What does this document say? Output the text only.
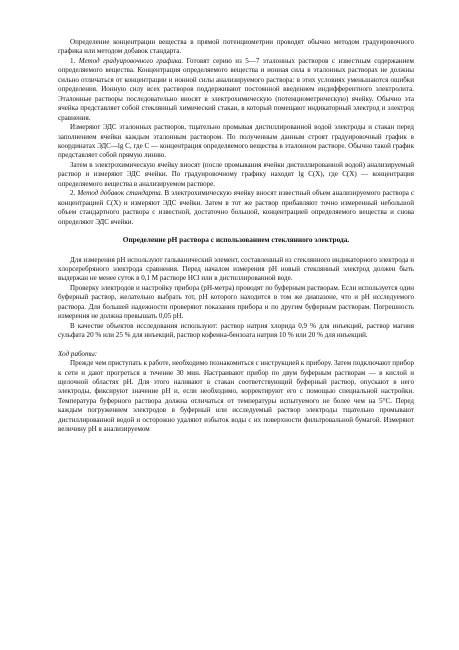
Определение концентрации вещества в прямой потенциометрии проводят обычно методом градуировочного графика или методом добавок стандарта.

1. Метод градуировочного графика. Готовят серию из 5—7 эталонных растворов с известным содержанием определяемого вещества. Концентрация определяемого вещества и ионная сила в эталонных растворах не должны сильно отличаться от концентрации и ионной силы анализируемого раствора: в этих условиях уменьшаются ошибки определения. Ионную силу всех растворов поддерживают постоянной введением индифферентного электролита. Эталонные растворы последовательно вносят в электрохимическую (потенциометрическую) ячейку. Обычно эта ячейка представляет собой стеклянный химический стакан, в который помещают индикаторный электрод и электрод сравнения.

Измеряют ЭДС эталонных растворов, тщательно промывая дистиллированной водой электроды и стакан перед заполнением ячейки каждым эталонным раствором. По полученным данным строят градуировочный график в координатах ЭДС—lg C, где C — концентрация определяемого вещества в эталонном растворе. Обычно такой график представляет собой прямую линию.

Затем в электрохимическую ячейку вносят (после промывания ячейки дистиллированной водой) анализируемый раствор и измеряют ЭДС ячейки. По градуировочному графику находят lg C(X), где C(X) — концентрация определяемого вещества в анализируемом растворе.

2. Метод добавок стандарта. В электрохимическую ячейку вносят известный объем анализируемого раствора с концентрацией C(X) и измеряют ЭДС ячейки. Затем в тот же раствор прибавляют точно измеренный небольшой объем стандартного раствора с известной, достаточно большой, концентрацией определяемого вещества и снова определяют ЭДС ячейки.

Определение pH раствора с использованием стеклянного электрода.

Для измерения pH используют гальванический элемент, составленный из стеклянного индикаторного электрода и хлорсеребряного электрода сравнения. Перед началом измерения pH новый стеклянный электрод должен быть выдержан не менее суток в 0,1 М растворе HCl или в дистиллированной воде.

Проверку электродов и настройку прибора (pH-метра) проводят по буферным растворам. Если используется один буферный раствор, желательно выбрать тот, pH которого находится в том же диапазоне, что и pH исследуемого раствора. Для большей надежности проверяют показания прибора и по другим буферным растворам. Погрешность измерения не должна превышать 0,05 pH.

В качестве объектов исследования используют: раствор натрия хлорида 0,9 % для инъекций, раствор магния сульфата 20 % или 25 % для инъекций, раствор кофеина-бензоата натрия 10 % или 20 % для инъекций.

Ход работы:

Прежде чем приступать к работе, необходимо познакомиться с инструкцией к прибору. Затем подключают прибор к сети и дают прогреться в течение 30 мин. Настраивают прибор по двум буферным растворам — в кислой и щелочной областях pH. Для этого наливают в стакан соответствующий буферный раствор, опускают в него электроды, фиксируют значение pH и, если необходимо, корректируют его с помощью специальной настройки. Температура буферного раствора должна отличаться от температуры испытуемого не более чем на 5°С. Перед каждым погружением электродов в буферный или исследуемый раствор электроды тщательно промывают дистиллированной водой и осторожно удаляют избыток воды с их поверхности фильтровальной бумагой. Измеряют величину pH в анализируемом
